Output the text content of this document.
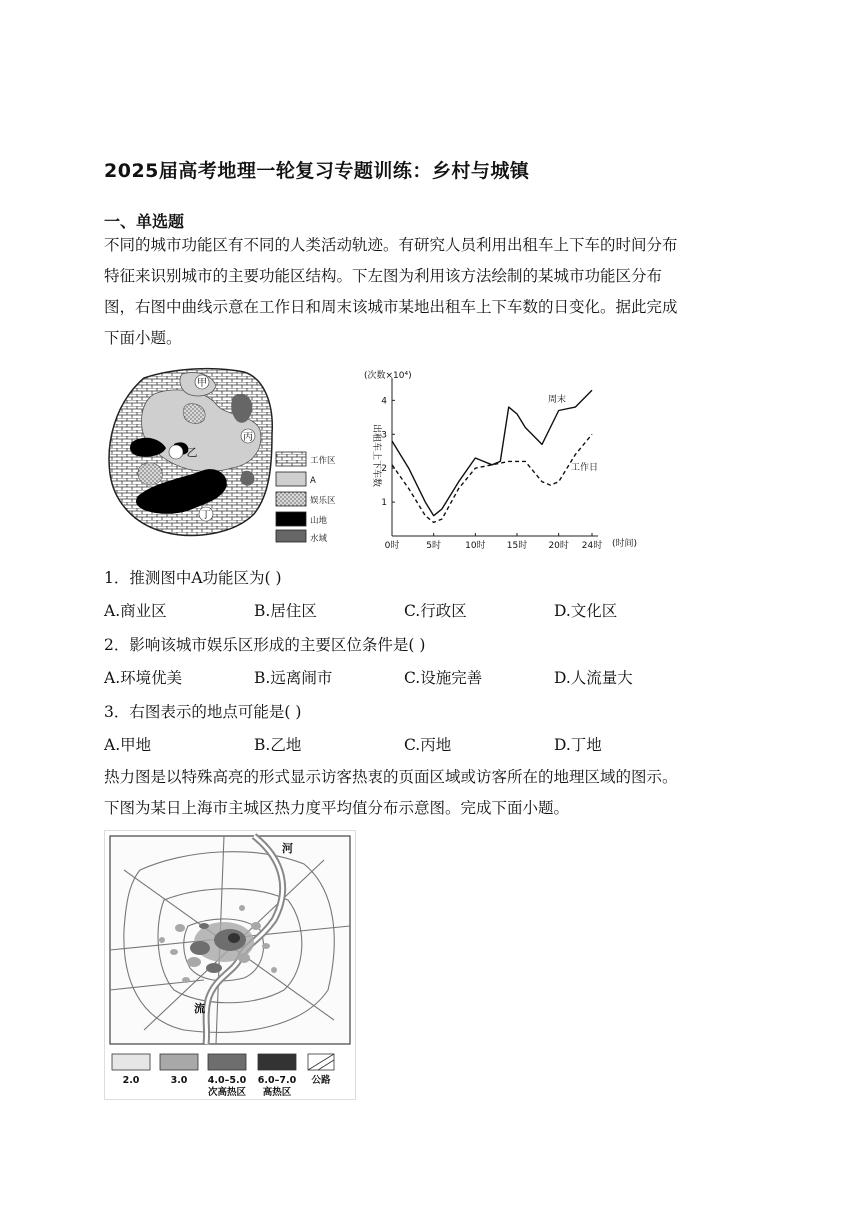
2025届高考地理一轮复习专题训练：乡村与城镇
一、单选题
不同的城市功能区有不同的人类活动轨迹。有研究人员利用出租车上下车的时间分布
特征来识别城市的主要功能区结构。下左图为利用该方法绘制的某城市功能区分布
图，右图中曲线示意在工作日和周末该城市某地出租车上下车数的日变化。据此完成
下面小题。
甲
乙
丙
丁
工作区
A
娱乐区
山地
水域
(次数×10⁴)
(时间)
出租车上下车数
0时	5时	10时 15时 20时 24时
1
2
3
4	周末
工作日
1．推测图中A功能区为( )
A.商业区	B.居住区	C.行政区	D.文化区
2．影响该城市娱乐区形成的主要区位条件是( )
A.环境优美	B.远离闹市	C.设施完善	D.人流量大
3．右图表示的地点可能是( )
A.甲地	B.乙地	C.丙地	D.丁地
热力图是以特殊高亮的形式显示访客热衷的页面区域或访客所在的地理区域的图示。
下图为某日上海市主城区热力度平均值分布示意图。完成下面小题。
河
流
2.0	3.0 4.0–5.0
次高热区
6.0–7.0
高热区
公路
